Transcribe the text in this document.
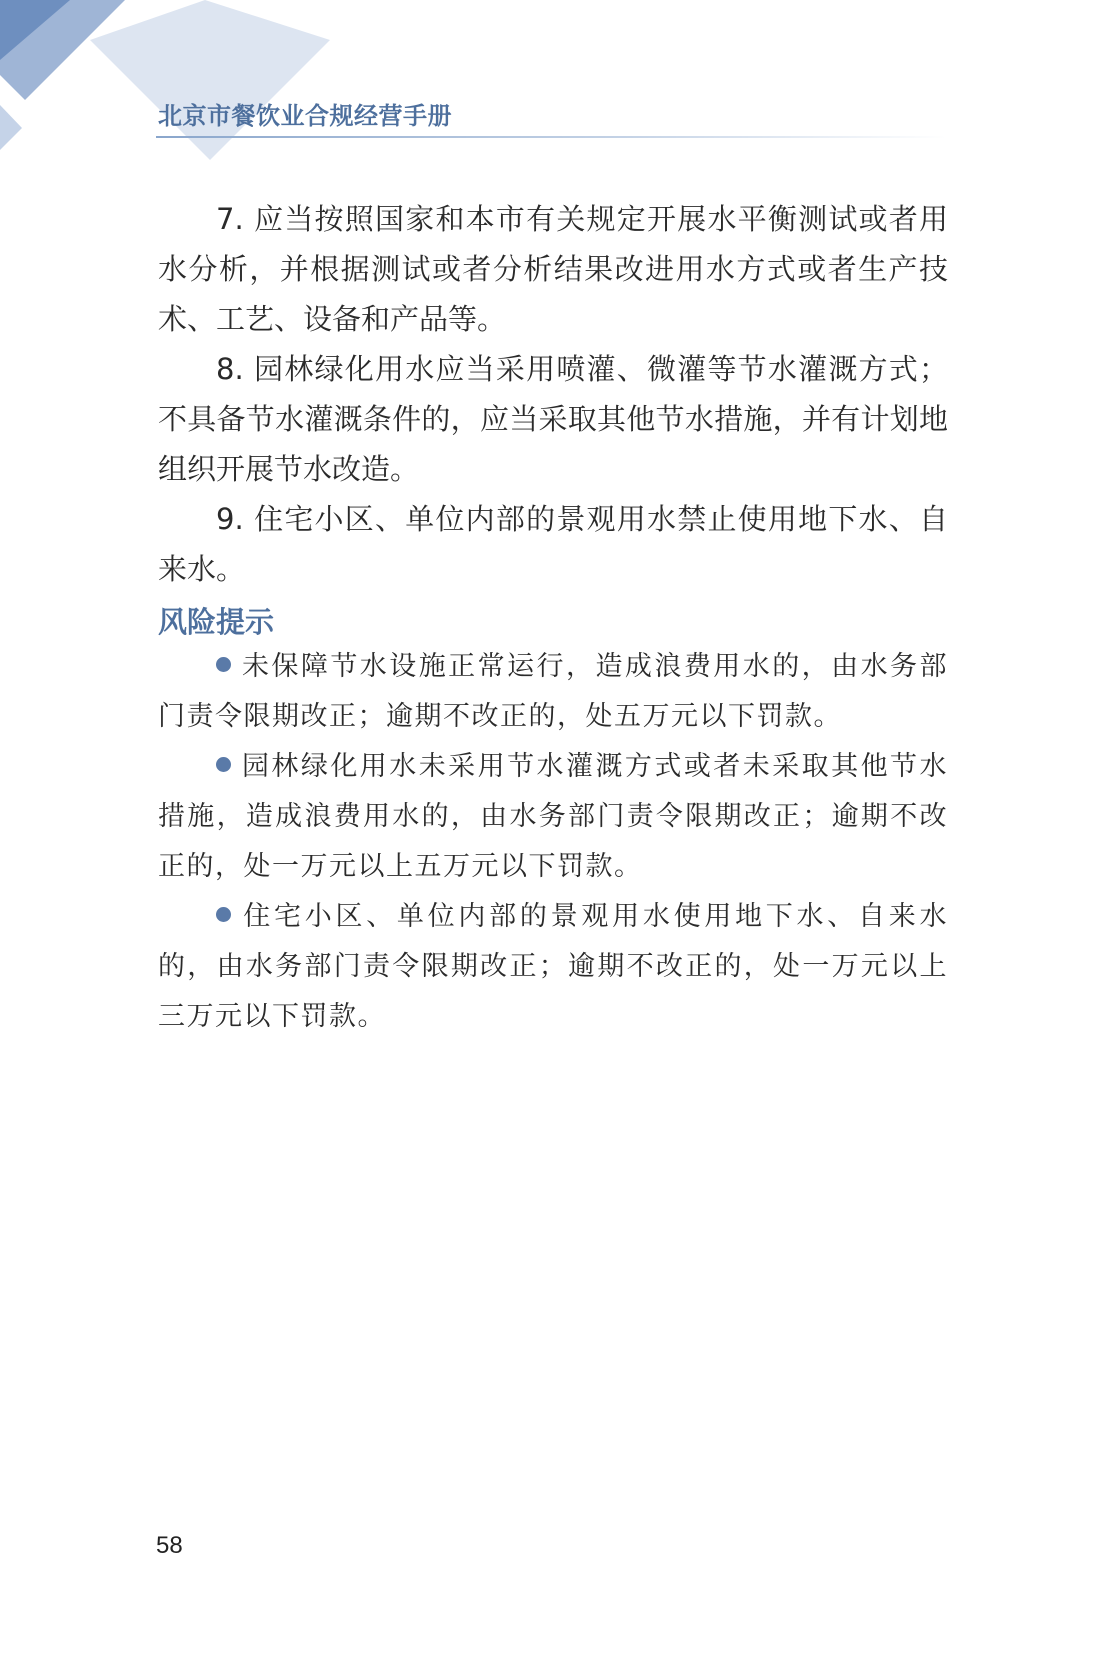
北京市餐饮业合规经营手册

7. 应当按照国家和本市有关规定开展水平衡测试或者用水分析，并根据测试或者分析结果改进用水方式或者生产技术、工艺、设备和产品等。

8. 园林绿化用水应当采用喷灌、微灌等节水灌溉方式；不具备节水灌溉条件的，应当采取其他节水措施，并有计划地组织开展节水改造。

9. 住宅小区、单位内部的景观用水禁止使用地下水、自来水。

风险提示

未保障节水设施正常运行，造成浪费用水的，由水务部门责令限期改正；逾期不改正的，处五万元以下罚款。

园林绿化用水未采用节水灌溉方式或者未采取其他节水措施，造成浪费用水的，由水务部门责令限期改正；逾期不改正的，处一万元以上五万元以下罚款。

住宅小区、单位内部的景观用水使用地下水、自来水的，由水务部门责令限期改正；逾期不改正的，处一万元以上三万元以下罚款。

58
